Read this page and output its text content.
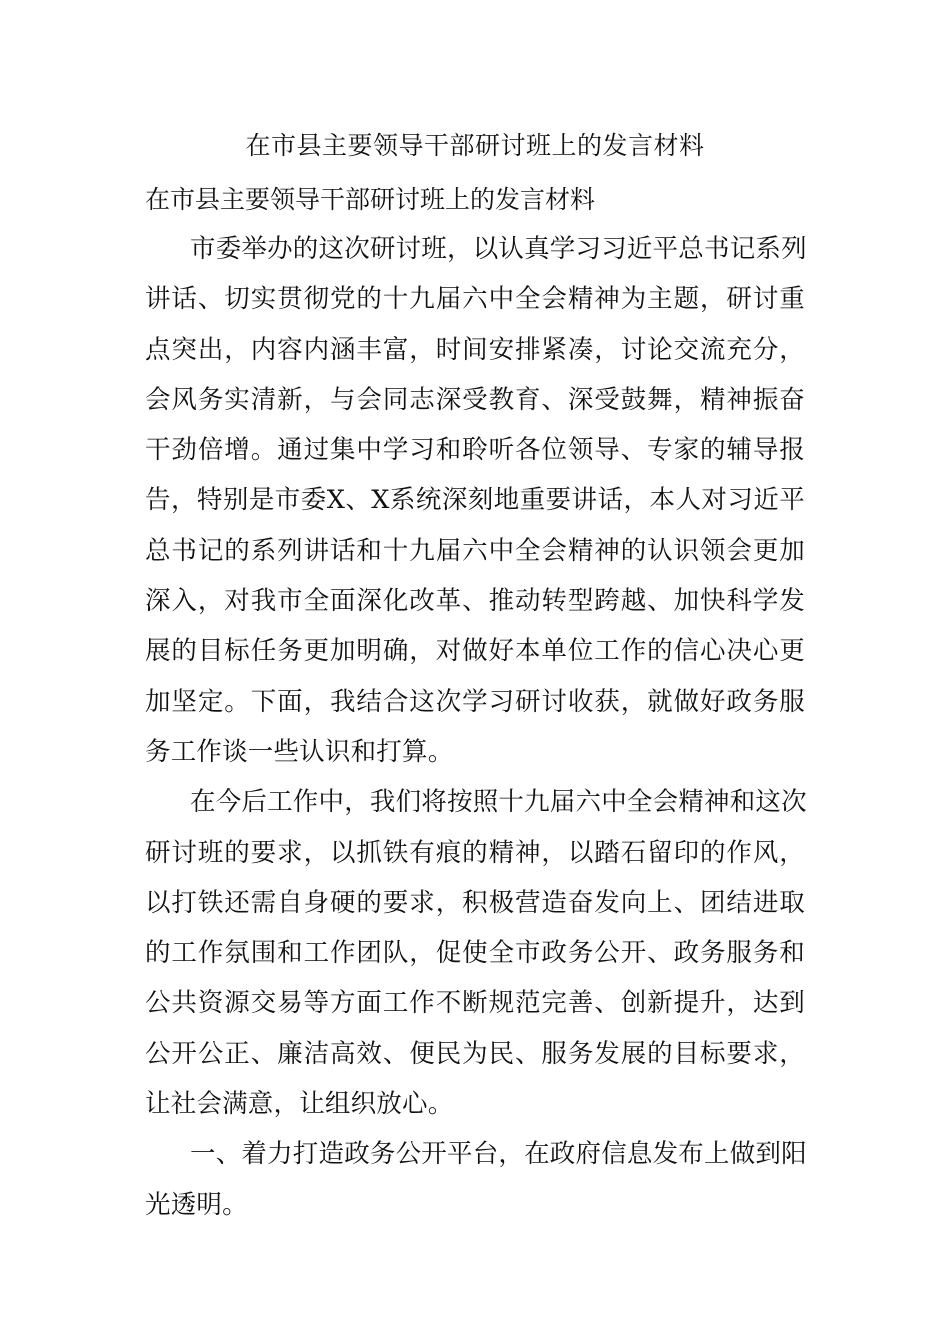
在市县主要领导干部研讨班上的发言材料

在市县主要领导干部研讨班上的发言材料

市委举办的这次研讨班，以认真学习习近平总书记系列
讲话、切实贯彻党的十九届六中全会精神为主题，研讨重
点突出，内容内涵丰富，时间安排紧凑，讨论交流充分，
会风务实清新，与会同志深受教育、深受鼓舞，精神振奋
干劲倍增。通过集中学习和聆听各位领导、专家的辅导报
告，特别是市委X、X系统深刻地重要讲话，本人对习近平
总书记的系列讲话和十九届六中全会精神的认识领会更加
深入，对我市全面深化改革、推动转型跨越、加快科学发
展的目标任务更加明确，对做好本单位工作的信心决心更
加坚定。下面，我结合这次学习研讨收获，就做好政务服
务工作谈一些认识和打算。
在今后工作中，我们将按照十九届六中全会精神和这次
研讨班的要求，以抓铁有痕的精神，以踏石留印的作风，
以打铁还需自身硬的要求，积极营造奋发向上、团结进取
的工作氛围和工作团队，促使全市政务公开、政务服务和
公共资源交易等方面工作不断规范完善、创新提升，达到
公开公正、廉洁高效、便民为民、服务发展的目标要求，
让社会满意，让组织放心。
一、着力打造政务公开平台，在政府信息发布上做到阳
光透明。
